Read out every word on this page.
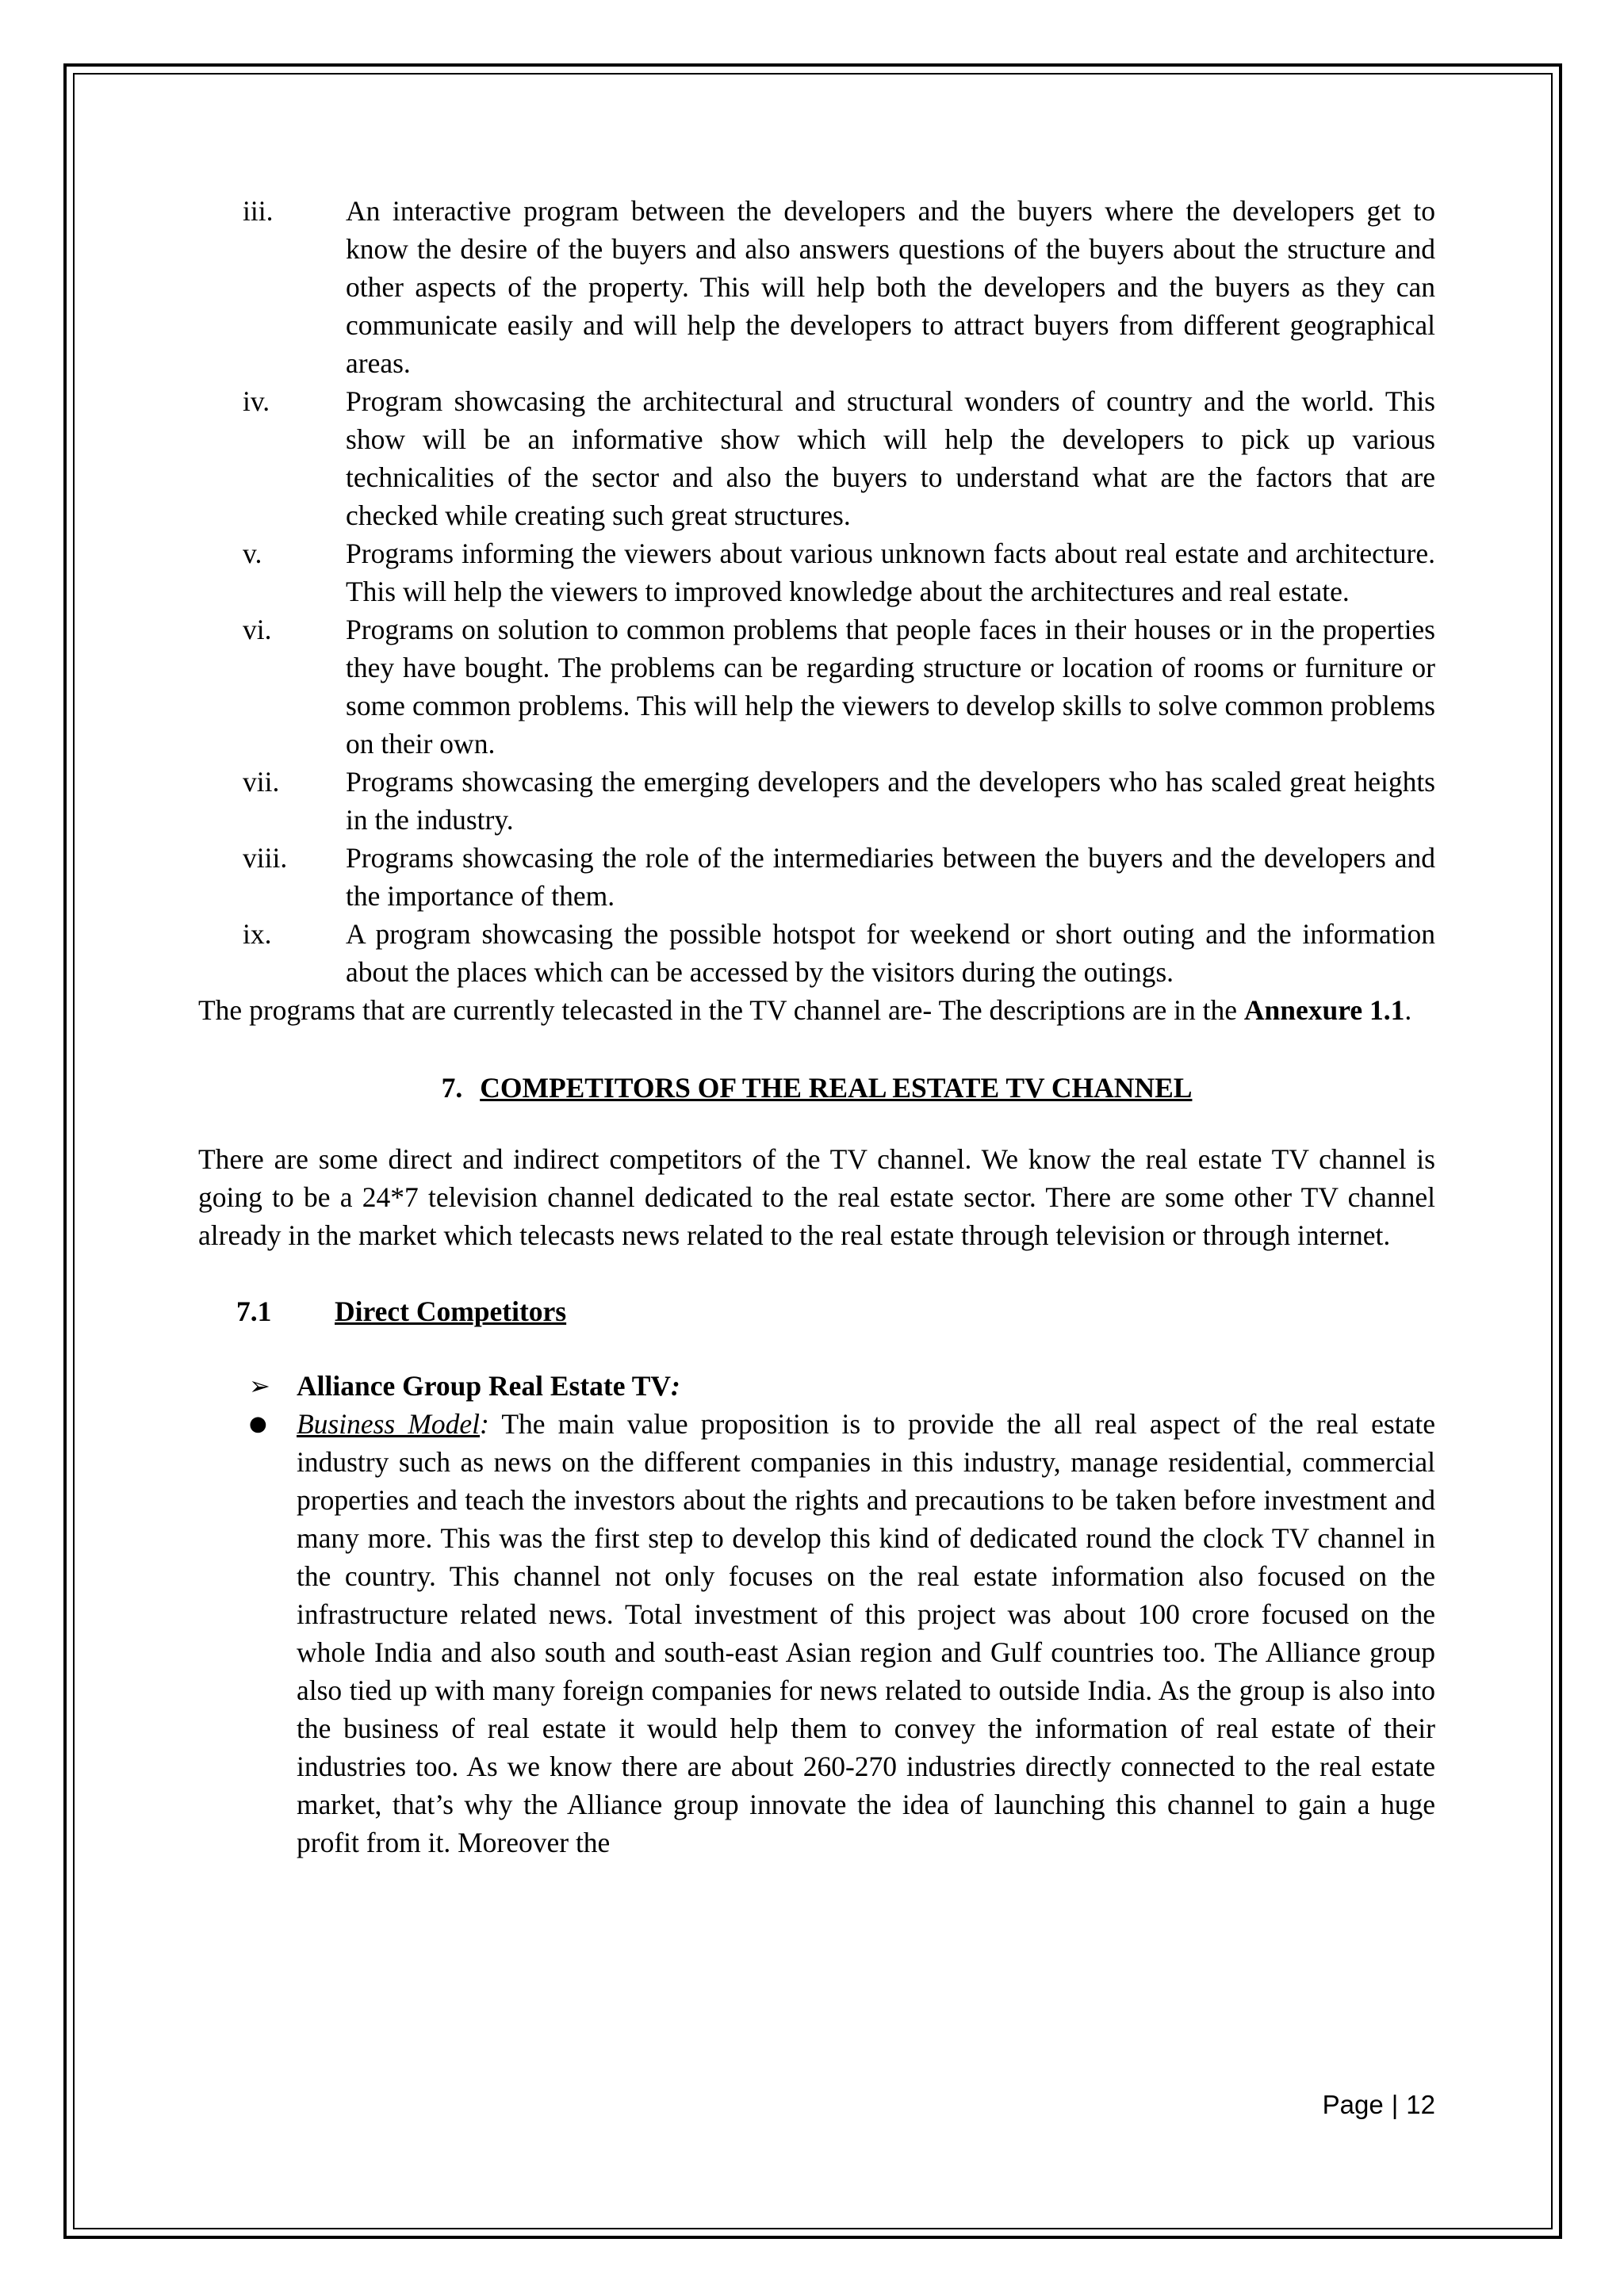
iii.	An interactive program between the developers and the buyers where the developers get to know the desire of the buyers and also answers questions of the buyers about the structure and other aspects of the property. This will help both the developers and the buyers as they can communicate easily and will help the developers to attract buyers from different geographical areas.
iv.	Program showcasing the architectural and structural wonders of country and the world. This show will be an informative show which will help the developers to pick up various technicalities of the sector and also the buyers to understand what are the factors that are checked while creating such great structures.
v.	Programs informing the viewers about various unknown facts about real estate and architecture. This will help the viewers to improved knowledge about the architectures and real estate.
vi.	Programs on solution to common problems that people faces in their houses or in the properties they have bought. The problems can be regarding structure or location of rooms or furniture or some common problems. This will help the viewers to develop skills to solve common problems on their own.
vii.	Programs showcasing the emerging developers and the developers who has scaled great heights in the industry.
viii.	Programs showcasing the role of the intermediaries between the buyers and the developers and the importance of them.
ix.	A program showcasing the possible hotspot for weekend or short outing and the information about the places which can be accessed by the visitors during the outings.

The programs that are currently telecasted in the TV channel are- The descriptions are in the Annexure 1.1.

7. COMPETITORS OF THE REAL ESTATE TV CHANNEL

There are some direct and indirect competitors of the TV channel. We know the real estate TV channel is going to be a 24*7 television channel dedicated to the real estate sector. There are some other TV channel already in the market which telecasts news related to the real estate through television or through internet.

7.1 Direct Competitors
➢ Alliance Group Real Estate TV:
●	Business Model: The main value proposition is to provide the all real aspect of the real estate industry such as news on the different companies in this industry, manage residential, commercial properties and teach the investors about the rights and precautions to be taken before investment and many more. This was the first step to develop this kind of dedicated round the clock TV channel in the country. This channel not only focuses on the real estate information also focused on the infrastructure related news. Total investment of this project was about 100 crore focused on the whole India and also south and south-east Asian region and Gulf countries too. The Alliance group also tied up with many foreign companies for news related to outside India. As the group is also into the business of real estate it would help them to convey the information of real estate of their industries too. As we know there are about 260-270 industries directly connected to the real estate market, that’s why the Alliance group innovate the idea of launching this channel to gain a huge profit from it. Moreover the
Page | 12
